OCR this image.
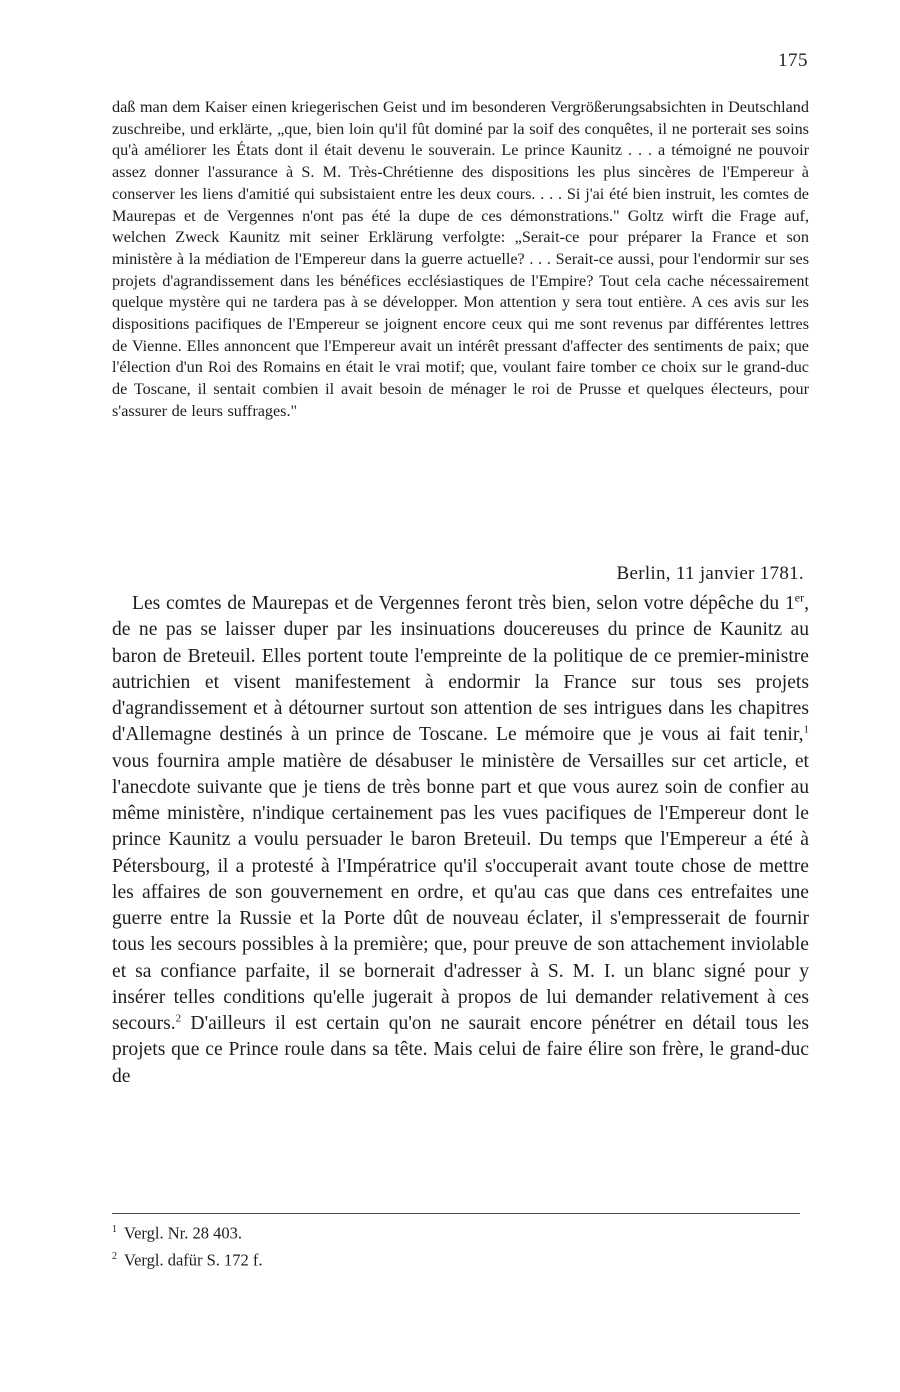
175
daß man dem Kaiser einen kriegerischen Geist und im besonderen Vergrößerungsabsichten in Deutschland zuschreibe, und erklärte, „que, bien loin qu'il fût dominé par la soif des conquêtes, il ne porterait ses soins qu'à améliorer les États dont il était devenu le souverain. Le prince Kaunitz . . . a témoigné ne pouvoir assez donner l'assurance à S. M. Très-Chrétienne des dispositions les plus sincères de l'Empereur à conserver les liens d'amitié qui subsistaient entre les deux cours. . . . Si j'ai été bien instruit, les comtes de Maurepas et de Vergennes n'ont pas été la dupe de ces démonstrations." Goltz wirft die Frage auf, welchen Zweck Kaunitz mit seiner Erklärung verfolgte: „Serait-ce pour préparer la France et son ministère à la médiation de l'Empereur dans la guerre actuelle? . . . Serait-ce aussi, pour l'endormir sur ses projets d'agrandissement dans les bénéfices ecclésiastiques de l'Empire? Tout cela cache nécessairement quelque mystère qui ne tardera pas à se développer. Mon attention y sera tout entière. A ces avis sur les dispositions pacifiques de l'Empereur se joignent encore ceux qui me sont revenus par différentes lettres de Vienne. Elles annoncent que l'Empereur avait un intérêt pressant d'affecter des sentiments de paix; que l'élection d'un Roi des Romains en était le vrai motif; que, voulant faire tomber ce choix sur le grand-duc de Toscane, il sentait combien il avait besoin de ménager le roi de Prusse et quelques électeurs, pour s'assurer de leurs suffrages."
Berlin, 11 janvier 1781.

Les comtes de Maurepas et de Vergennes feront très bien, selon votre dépêche du 1er, de ne pas se laisser duper par les insinuations doucereuses du prince de Kaunitz au baron de Breteuil. Elles portent toute l'empreinte de la politique de ce premier-ministre autrichien et visent manifestement à endormir la France sur tous ses projets d'agrandissement et à détourner surtout son attention de ses intrigues dans les chapitres d'Allemagne destinés à un prince de Toscane. Le mémoire que je vous ai fait tenir,$^1$ vous fournira ample matière de désabuser le ministère de Versailles sur cet article, et l'anecdote suivante que je tiens de très bonne part et que vous aurez soin de confier au même ministère, n'indique certainement pas les vues pacifiques de l'Empereur dont le prince Kaunitz a voulu persuader le baron Breteuil. Du temps que l'Empereur a été à Pétersbourg, il a protesté à l'Impératrice qu'il s'occuperait avant toute chose de mettre les affaires de son gouvernement en ordre, et qu'au cas que dans ces entrefaites une guerre entre la Russie et la Porte dût de nouveau éclater, il s'empresserait de fournir tous les secours possibles à la première; que, pour preuve de son attachement inviolable et sa confiance parfaite, il se bornerait d'adresser à S. M. I. un blanc signé pour y insérer telles conditions qu'elle jugerait à propos de lui demander relativement à ces secours.$^2$ D'ailleurs il est certain qu'on ne saurait encore pénétrer en détail tous les projets que ce Prince roule dans sa tête. Mais celui de faire élire son frère, le grand-duc de

$^1$ Vergl. Nr. 28 403.
$^2$ Vergl. dafür S. 172 f.
